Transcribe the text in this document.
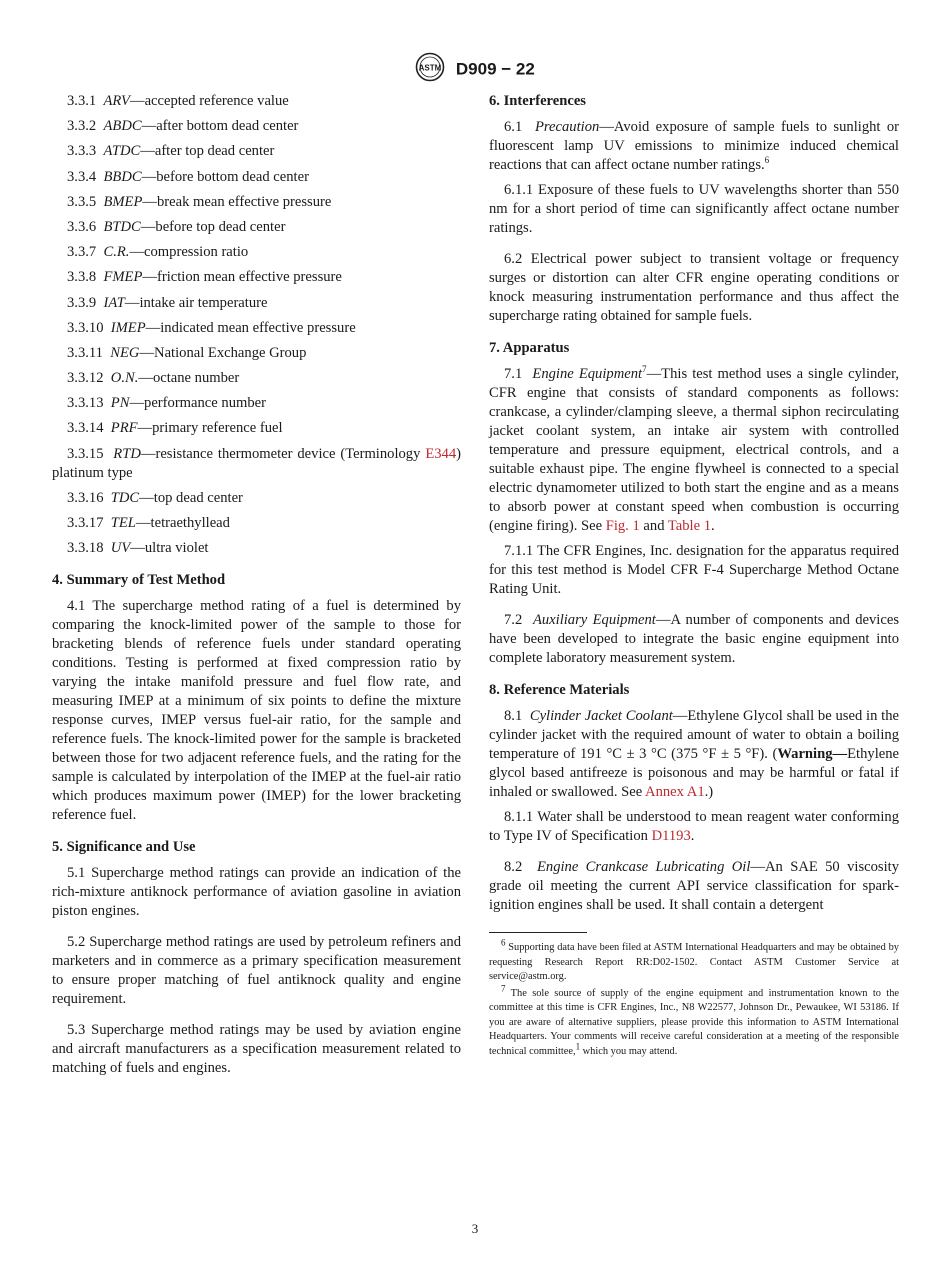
ASTM D909 − 22
3.3.1 ARV—accepted reference value
3.3.2 ABDC—after bottom dead center
3.3.3 ATDC—after top dead center
3.3.4 BBDC—before bottom dead center
3.3.5 BMEP—break mean effective pressure
3.3.6 BTDC—before top dead center
3.3.7 C.R.—compression ratio
3.3.8 FMEP—friction mean effective pressure
3.3.9 IAT—intake air temperature
3.3.10 IMEP—indicated mean effective pressure
3.3.11 NEG—National Exchange Group
3.3.12 O.N.—octane number
3.3.13 PN—performance number
3.3.14 PRF—primary reference fuel
3.3.15 RTD—resistance thermometer device (Terminology E344) platinum type
3.3.16 TDC—top dead center
3.3.17 TEL—tetraethyllead
3.3.18 UV—ultra violet
4. Summary of Test Method

4.1 The supercharge method rating of a fuel is determined by comparing the knock-limited power of the sample to those for bracketing blends of reference fuels under standard operating conditions. Testing is performed at fixed compression ratio by varying the intake manifold pressure and fuel flow rate, and measuring IMEP at a minimum of six points to define the mixture response curves, IMEP versus fuel-air ratio, for the sample and reference fuels. The knock-limited power for the sample is bracketed between those for two adjacent reference fuels, and the rating for the sample is calculated by interpolation of the IMEP at the fuel-air ratio which produces maximum power (IMEP) for the lower bracketing reference fuel.

5. Significance and Use

5.1 Supercharge method ratings can provide an indication of the rich-mixture antiknock performance of aviation gasoline in aviation piston engines.

5.2 Supercharge method ratings are used by petroleum refiners and marketers and in commerce as a primary specification measurement to ensure proper matching of fuel antiknock quality and engine requirement.

5.3 Supercharge method ratings may be used by aviation engine and aircraft manufacturers as a specification measurement related to matching of fuels and engines.

6. Interferences

6.1 Precaution—Avoid exposure of sample fuels to sunlight or fluorescent lamp UV emissions to minimize induced chemical reactions that can affect octane number ratings.$^6$

6.1.1 Exposure of these fuels to UV wavelengths shorter than 550 nm for a short period of time can significantly affect octane number ratings.

6.2 Electrical power subject to transient voltage or frequency surges or distortion can alter CFR engine operating conditions or knock measuring instrumentation performance and thus affect the supercharge rating obtained for sample fuels.

7. Apparatus

7.1 Engine Equipment$^7$—This test method uses a single cylinder, CFR engine that consists of standard components as follows: crankcase, a cylinder/clamping sleeve, a thermal siphon recirculating jacket coolant system, an intake air system with controlled temperature and pressure equipment, electrical controls, and a suitable exhaust pipe. The engine flywheel is connected to a special electric dynamometer utilized to both start the engine and as a means to absorb power at constant speed when combustion is occurring (engine firing). See Fig. 1 and Table 1.

7.1.1 The CFR Engines, Inc. designation for the apparatus required for this test method is Model CFR F-4 Supercharge Method Octane Rating Unit.

7.2 Auxiliary Equipment—A number of components and devices have been developed to integrate the basic engine equipment into complete laboratory measurement system.

8. Reference Materials

8.1 Cylinder Jacket Coolant—Ethylene Glycol shall be used in the cylinder jacket with the required amount of water to obtain a boiling temperature of 191 °C ± 3 °C (375 °F ± 5 °F). (Warning—Ethylene glycol based antifreeze is poisonous and may be harmful or fatal if inhaled or swallowed. See Annex A1.)

8.1.1 Water shall be understood to mean reagent water conforming to Type IV of Specification D1193.

8.2 Engine Crankcase Lubricating Oil—An SAE 50 viscosity grade oil meeting the current API service classification for spark-ignition engines shall be used. It shall contain a detergent

$^6$ Supporting data have been filed at ASTM International Headquarters and may be obtained by requesting Research Report RR:D02-1502. Contact ASTM Customer Service at service@astm.org.

$^7$ The sole source of supply of the engine equipment and instrumentation known to the committee at this time is CFR Engines, Inc., N8 W22577, Johnson Dr., Pewaukee, WI 53186. If you are aware of alternative suppliers, please provide this information to ASTM International Headquarters. Your comments will receive careful consideration at a meeting of the responsible technical committee,$^1$ which you may attend.

3
